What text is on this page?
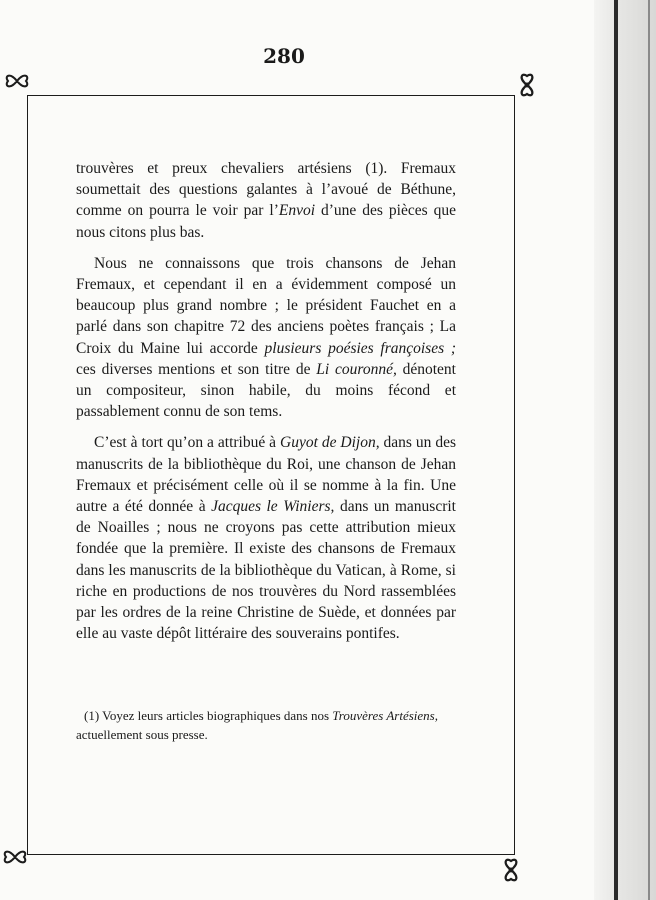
280

trouvères et preux chevaliers artésiens (1). Fremaux soumettait des questions galantes à l’avoué de Béthune, comme on pourra le voir par l’Envoi d’une des pièces que nous citons plus bas.

Nous ne connaissons que trois chansons de Jehan Fremaux, et cependant il en a évidemment composé un beaucoup plus grand nombre ; le président Fauchet en a parlé dans son chapitre 72 des anciens poètes français ; La Croix du Maine lui accorde plusieurs poésies françoises ; ces diverses mentions et son titre de Li couronné, dénotent un compositeur, sinon habile, du moins fécond et passablement connu de son tems.

C’est à tort qu’on a attribué à Guyot de Dijon, dans un des manuscrits de la bibliothèque du Roi, une chanson de Jehan Fremaux et précisément celle où il se nomme à la fin. Une autre a été donnée à Jacques le Winiers, dans un manuscrit de Noailles ; nous ne croyons pas cette attribution mieux fondée que la première. Il existe des chansons de Fremaux dans les manuscrits de la bibliothèque du Vatican, à Rome, si riche en productions de nos trouvères du Nord rassemblées par les ordres de la reine Christine de Suède, et données par elle au vaste dépôt littéraire des souverains pontifes.

(1) Voyez leurs articles biographiques dans nos Trouvères Artésiens, actuellement sous presse.
